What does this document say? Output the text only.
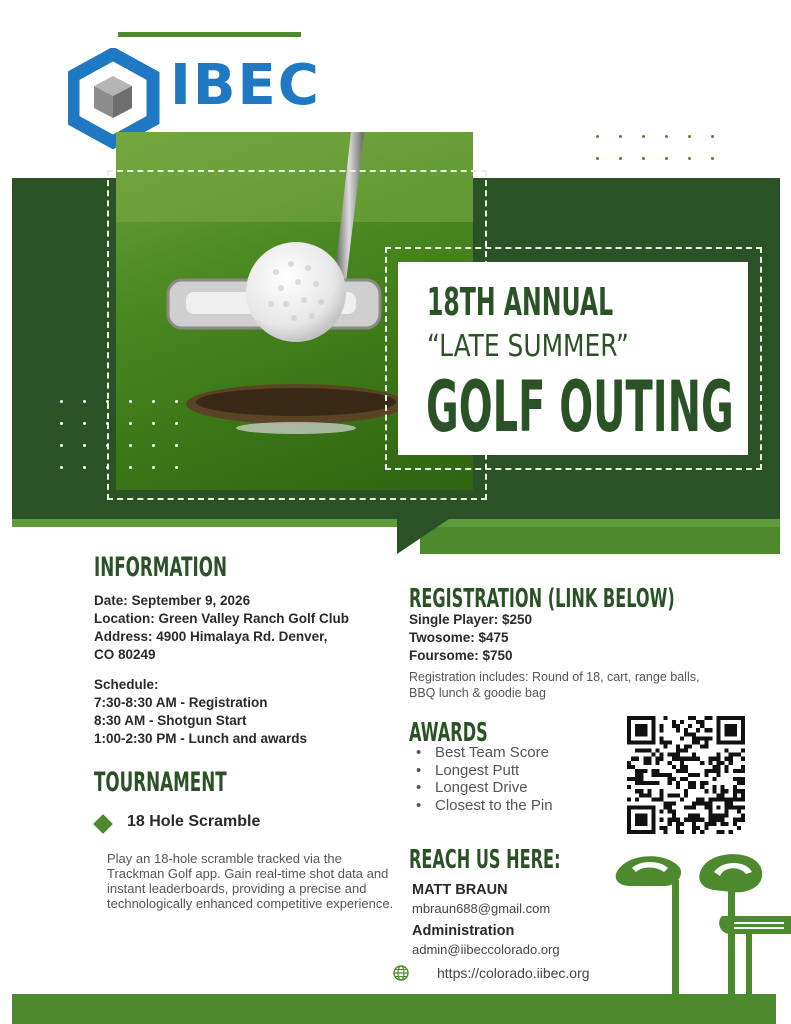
IBEC
18TH ANNUAL
“LATE SUMMER”
GOLF OUTING
INFORMATION
Date: September 9, 2026
Location: Green Valley Ranch Golf Club
Address: 4900 Himalaya Rd. Denver,
CO 80249
Schedule:
7:30-8:30 AM - Registration
8:30 AM - Shotgun Start
1:00-2:30 PM - Lunch and awards
TOURNAMENT
18 Hole Scramble
Play an 18-hole scramble tracked via the Trackman Golf app. Gain real-time shot data and instant leaderboards, providing a precise and technologically enhanced competitive experience.
REGISTRATION (LINK BELOW)
Single Player: $250
Twosome: $475
Foursome: $750
Registration includes: Round of 18, cart, range balls, BBQ lunch & goodie bag
AWARDS
• Best Team Score
• Longest Putt
• Longest Drive
• Closest to the Pin
REACH US HERE:
MATT BRAUN
mbraun688@gmail.com
Administration
admin@iibeccolorado.org
https://colorado.iibec.org
